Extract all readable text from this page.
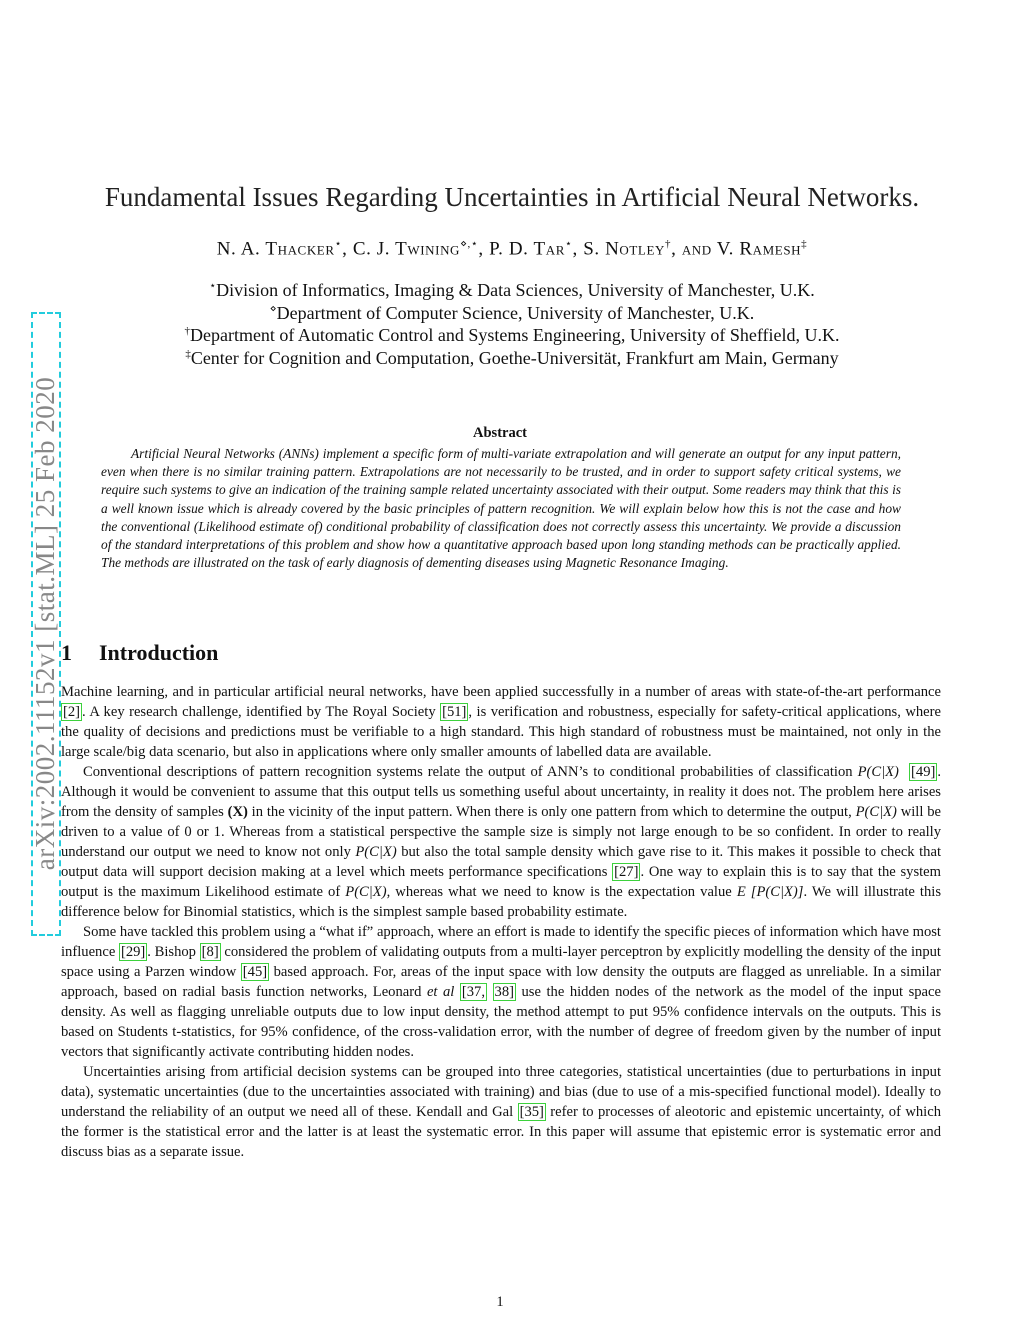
arXiv:2002.11152v1 [stat.ML] 25 Feb 2020
Fundamental Issues Regarding Uncertainties in Artificial Neural Networks.
N. A. Thacker⋆, C. J. Twining⋄,⋆, P. D. Tar⋆, S. Notley†, and V. Ramesh‡
⋆Division of Informatics, Imaging & Data Sciences, University of Manchester, U.K.
⋄Department of Computer Science, University of Manchester, U.K.
†Department of Automatic Control and Systems Engineering, University of Sheffield, U.K.
‡Center for Cognition and Computation, Goethe-Universität, Frankfurt am Main, Germany
Abstract
Artificial Neural Networks (ANNs) implement a specific form of multi-variate extrapolation and will generate an output for any input pattern, even when there is no similar training pattern. Extrapolations are not necessarily to be trusted, and in order to support safety critical systems, we require such systems to give an indication of the training sample related uncertainty associated with their output. Some readers may think that this is a well known issue which is already covered by the basic principles of pattern recognition. We will explain below how this is not the case and how the conventional (Likelihood estimate of) conditional probability of classification does not correctly assess this uncertainty. We provide a discussion of the standard interpretations of this problem and show how a quantitative approach based upon long standing methods can be practically applied. The methods are illustrated on the task of early diagnosis of dementing diseases using Magnetic Resonance Imaging.
1 Introduction

Machine learning, and in particular artificial neural networks, have been applied successfully in a number of areas with state-of-the-art performance [2] . A key research challenge, identified by The Royal Society [51] , is verification and robustness, especially for safety-critical applications, where the quality of decisions and predictions must be verifiable to a high standard. This high standard of robustness must be maintained, not only in the large scale/big data scenario, but also in applications where only smaller amounts of labelled data are available.

Conventional descriptions of pattern recognition systems relate the output of ANN’s to conditional probabilities of classification P(C|X) [49] . Although it would be convenient to assume that this output tells us something useful about uncertainty, in reality it does not. The problem here arises from the density of samples (X) in the vicinity of the input pattern. When there is only one pattern from which to determine the output, P(C|X) will be driven to a value of 0 or 1. Whereas from a statistical perspective the sample size is simply not large enough to be so confident. In order to really understand our output we need to know not only P(C|X) but also the total sample density which gave rise to it. This makes it possible to check that output data will support decision making at a level which meets performance specifications [27] . One way to explain this is to say that the system output is the maximum Likelihood estimate of P(C|X), whereas what we need to know is the expectation value E [P(C|X)]. We will illustrate this difference below for Binomial statistics, which is the simplest sample based probability estimate.

Some have tackled this problem using a “what if” approach, where an effort is made to identify the specific pieces of information which have most influence [29] . Bishop [8] considered the problem of validating outputs from a multi-layer perceptron by explicitly modelling the density of the input space using a Parzen window [45] based approach. For, areas of the input space with low density the outputs are flagged as unreliable. In a similar approach, based on radial basis function networks, Leonard et al [37, 38] use the hidden nodes of the network as the model of the input space density. As well as flagging unreliable outputs due to low input density, the method attempt to put 95% confidence intervals on the outputs. This is based on Students t-statistics, for 95% confidence, of the cross-validation error, with the number of degree of freedom given by the number of input vectors that significantly activate contributing hidden nodes.

Uncertainties arising from artificial decision systems can be grouped into three categories, statistical uncertainties (due to perturbations in input data), systematic uncertainties (due to the uncertainties associated with training) and bias (due to use of a mis-specified functional model). Ideally to understand the reliability of an output we need all of these. Kendall and Gal [35] refer to processes of aleotoric and epistemic uncertainty, of which the former is the statistical error and the latter is at least the systematic error. In this paper will assume that epistemic error is systematic error and discuss bias as a separate issue.

1
